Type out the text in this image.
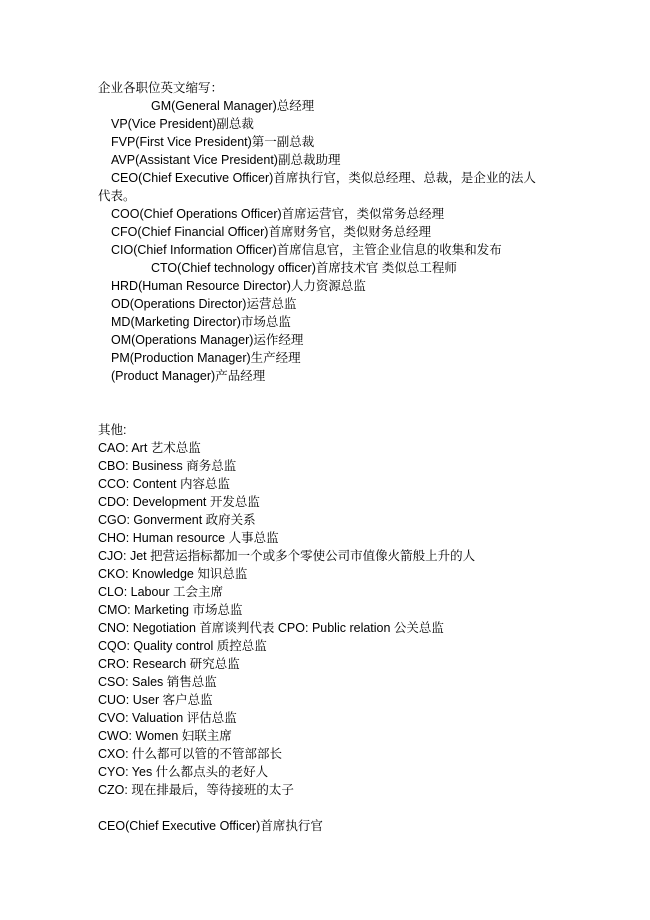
企业各职位英文缩写：
GM(General Manager)总经理
VP(Vice President)副总裁
FVP(First Vice President)第一副总裁
AVP(Assistant Vice President)副总裁助理
CEO(Chief Executive Officer)首席执行官，类似总经理、总裁，是企业的法人
代表。
COO(Chief Operations Officer)首席运营官，类似常务总经理
CFO(Chief Financial Officer)首席财务官，类似财务总经理
CIO(Chief Information Officer)首席信息官，主管企业信息的收集和发布
CTO(Chief technology officer)首席技术官 类似总工程师
HRD(Human Resource Director)人力资源总监
OD(Operations Director)运营总监
MD(Marketing Director)市场总监
OM(Operations Manager)运作经理
PM(Production Manager)生产经理
(Product Manager)产品经理
其他:
CAO: Art 艺术总监
CBO: Business 商务总监
CCO: Content 内容总监
CDO: Development 开发总监
CGO: Gonverment 政府关系
CHO: Human resource 人事总监
CJO: Jet 把营运指标都加一个或多个零使公司市值像火箭般上升的人
CKO: Knowledge 知识总监
CLO: Labour 工会主席
CMO: Marketing 市场总监
CNO: Negotiation 首席谈判代表 CPO: Public relation 公关总监
CQO: Quality control 质控总监
CRO: Research 研究总监
CSO: Sales 销售总监
CUO: User 客户总监
CVO: Valuation 评估总监
CWO: Women 妇联主席
CXO: 什么都可以管的不管部部长
CYO: Yes 什么都点头的老好人
CZO: 现在排最后，等待接班的太子
CEO(Chief Executive Officer)首席执行官
